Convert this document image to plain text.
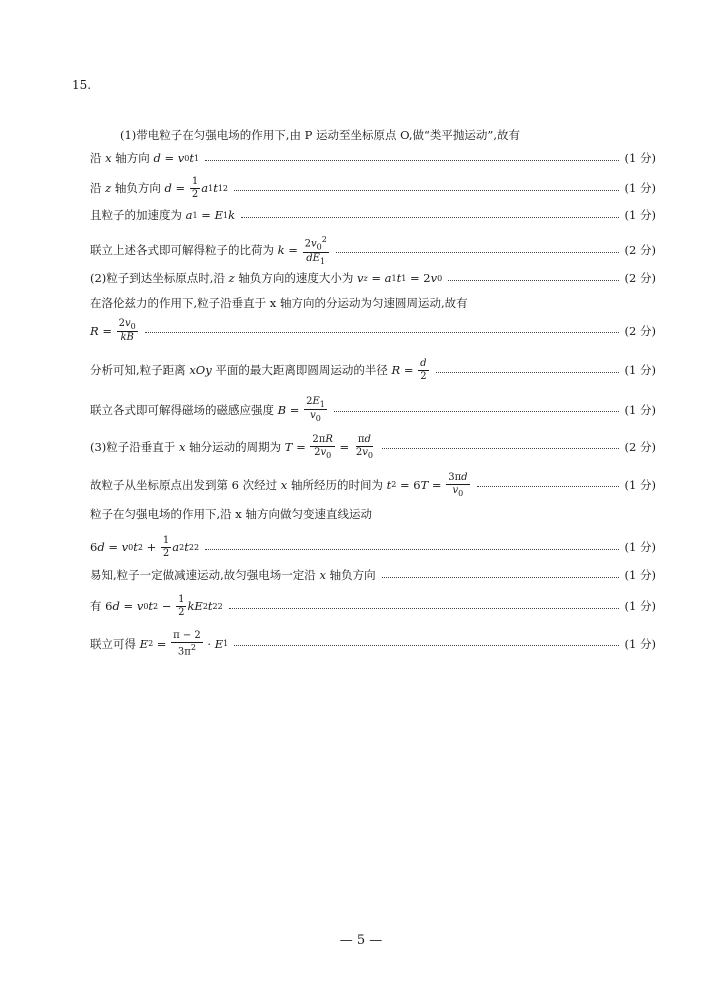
15.
(1)带电粒子在匀强电场的作用下,由 P 运动至坐标原点 O,做“类平抛运动”,故有
沿 x 轴方向 d = v 0 t 1	(1 分)
沿 z 轴负方向 $d = \frac{1}{2}$ a 1 t 1 2	(1 分)
且粒子的加速度为 a 1 = E 1 k	(1 分)
联立上述各式即可解得粒子的比荷为 $k = \frac{2v_0^2}{dE_1}$	(2 分)
(2)粒子到达坐标原点时,沿 z 轴负方向的速度大小为 v z = a 1 t 1 = 2 v 0	(2 分)
在洛伦兹力的作用下,粒子沿垂直于 x 轴方向的分运动为匀速圆周运动,故有
$R = \frac{2v_0}{kB}$	(2 分)
分析可知,粒子距离 xOy 平面的最大距离即圆周运动的半径 $R = \frac{d}{2}$	(1 分)
联立各式即可解得磁场的磁感应强度 $B = \frac{2E_1}{v_0}$	(1 分)
(3)粒子沿垂直于 x 轴分运动的周期为 $T = \frac{2\pi R}{2v_0} = \frac{\pi d}{2v_0}$	(2 分)
故粒子从坐标原点出发到第 6 次经过 x 轴所经历的时间为 t 2 = 6 $T = \frac{3\pi d}{v_0}$	(1 分)
粒子在匀强电场的作用下,沿 x 轴方向做匀变速直线运动
6 d = v 0 t $2 + \frac{1}{2}$ a 2 t 2 2	(1 分)
易知,粒子一定做减速运动,故匀强电场一定沿 x 轴负方向	(1 分)
有 6 d = v 0 t $2 - \frac{1}{2}$ kE 2 t 2 2	(1 分)
联立可得 E $2 = \frac{\pi - 2}{3\pi^2} \cdot E$ 1	(1 分)
— 5 —
